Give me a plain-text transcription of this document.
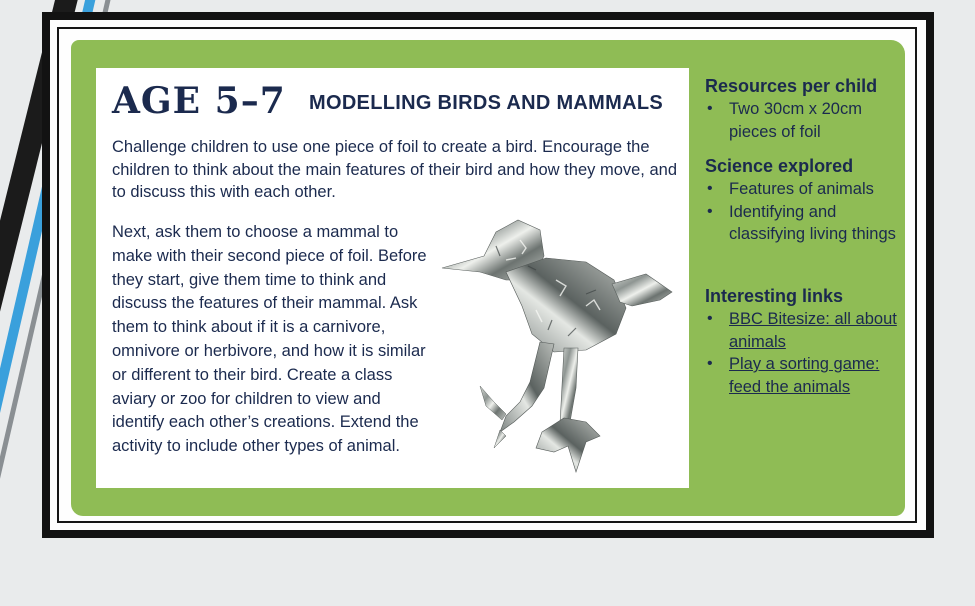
AGE 5–7 MODELLING BIRDS AND MAMMALS

Challenge children to use one piece of foil to create a bird. Encourage the children to think about the main features of their bird and how they move, and to discuss this with each other.

Next, ask them to choose a mammal to make with their second piece of foil. Before they start, give them time to think and discuss the features of their mammal. Ask them to think about if it is a carnivore, omnivore or herbivore, and how it is similar or different to their bird. Create a class aviary or zoo for children to view and identify each other’s creations. Extend the activity to include other types of animal.

Resources per child
• Two 30cm x 20cm pieces of foil
Science explored
• Features of animals
• Identifying and classifying living things
Interesting links
• BBC Bitesize: all about animals
• Play a sorting game: feed the animals
